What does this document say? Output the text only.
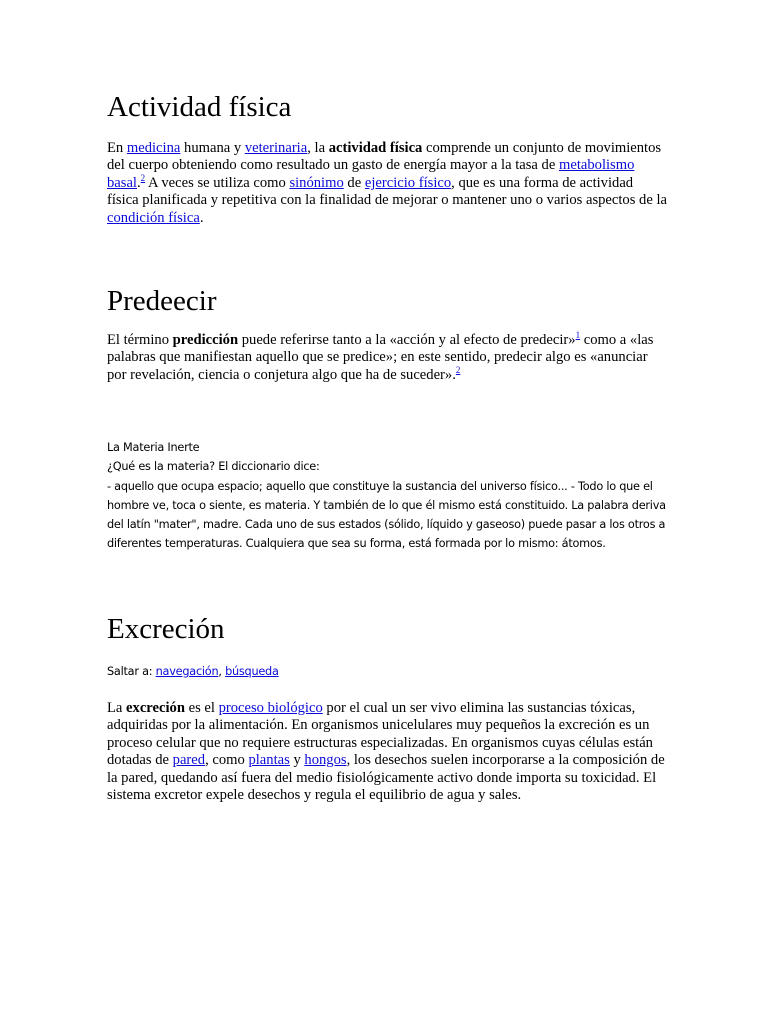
Actividad física

En medicina humana y veterinaria, la actividad física comprende un conjunto de movimientos del cuerpo obteniendo como resultado un gasto de energía mayor a la tasa de metabolismo basal.$^2$ A veces se utiliza como sinónimo de ejercicio físico, que es una forma de actividad física planificada y repetitiva con la finalidad de mejorar o mantener uno o varios aspectos de la condición física.

Predeecir

El término predicción puede referirse tanto a la «acción y al efecto de predecir»$^1$ como a «las palabras que manifiestan aquello que se predice»; en este sentido, predecir algo es «anunciar por revelación, ciencia o conjetura algo que ha de suceder».$^2$

La Materia Inerte
¿Qué es la materia? El diccionario dice:
- aquello que ocupa espacio; aquello que constituye la sustancia del universo físico... - Todo lo que el hombre ve, toca o siente, es materia. Y también de lo que él mismo está constituido. La palabra deriva del latín "mater", madre. Cada uno de sus estados (sólido, líquido y gaseoso) puede pasar a los otros a diferentes temperaturas. Cualquiera que sea su forma, está formada por lo mismo: átomos.
Excreción
Saltar a: navegación, búsqueda

La excreción es el proceso biológico por el cual un ser vivo elimina las sustancias tóxicas, adquiridas por la alimentación. En organismos unicelulares muy pequeños la excreción es un proceso celular que no requiere estructuras especializadas. En organismos cuyas células están dotadas de pared, como plantas y hongos, los desechos suelen incorporarse a la composición de la pared, quedando así fuera del medio fisiológicamente activo donde importa su toxicidad. El sistema excretor expele desechos y regula el equilibrio de agua y sales.
